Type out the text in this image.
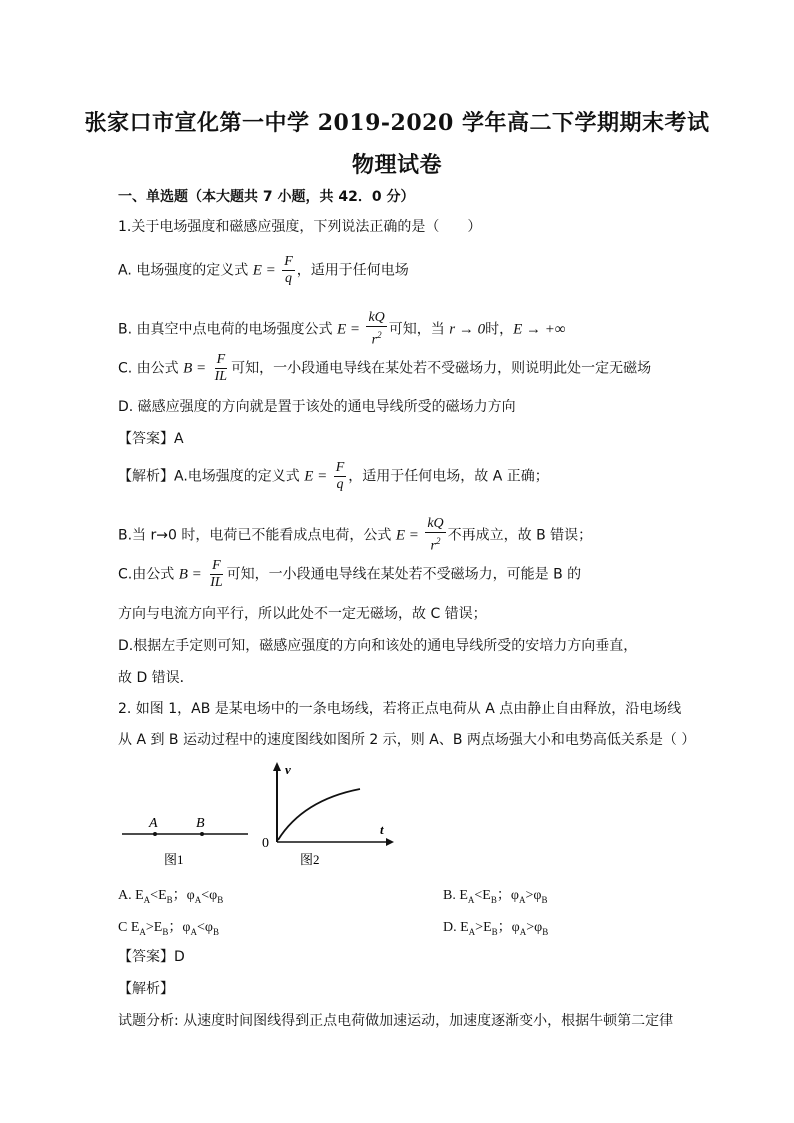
张家口市宣化第一中学 2019-2020 学年高二下学期期末考试
物理试卷
一、单选题（本大题共 7 小题，共 42．0 分）
1.关于电场强度和磁感应强度，下列说法正确的是（　　）
A. 电场强度的定义式 $E = \frac{F}{q}$ ，适用于任何电场
B. 由真空中点电荷的电场强度公式 $E = \frac{kQ}{r^2}$ 可知，当 r → 0时，E → +∞
C. 由公式 $B = \frac{F}{IL}$ 可知，一小段通电导线在某处若不受磁场力，则说明此处一定无磁场
D. 磁感应强度的方向就是置于该处的通电导线所受的磁场力方向
【答案】A
【解析】A.电场强度的定义式 $E = \frac{F}{q}$ ，适用于任何电场，故 A 正确；
B.当 r→0 时，电荷已不能看成点电荷，公式 $E = \frac{kQ}{r^2}$ 不再成立，故 B 错误；
C.由公式 $B = \frac{F}{IL}$ 可知，一小段通电导线在某处若不受磁场力，可能是 B 的
方向与电流方向平行，所以此处不一定无磁场，故 C 错误；
D.根据左手定则可知，磁感应强度的方向和该处的通电导线所受的安培力方向垂直，
故 D 错误．
2. 如图 1，AB 是某电场中的一条电场线，若将正点电荷从 A 点由静止自由释放，沿电场线
从 A 到 B 运动过程中的速度图线如图所 2 示，则 A、B 两点场强大小和电势高低关系是（ ）
A	B
图1
v
t
0
图2
A. $E_A<E_B$；$\varphi_A<\varphi_B$	B. $E_A<E_B$；$\varphi_A>\varphi_B$
C $E_A>E_B$；$\varphi_A<\varphi_B$	D. $E_A>E_B$；$\varphi_A>\varphi_B$
【答案】D
【解析】
试题分析: 从速度时间图线得到正点电荷做加速运动，加速度逐渐变小，根据牛顿第二定律
